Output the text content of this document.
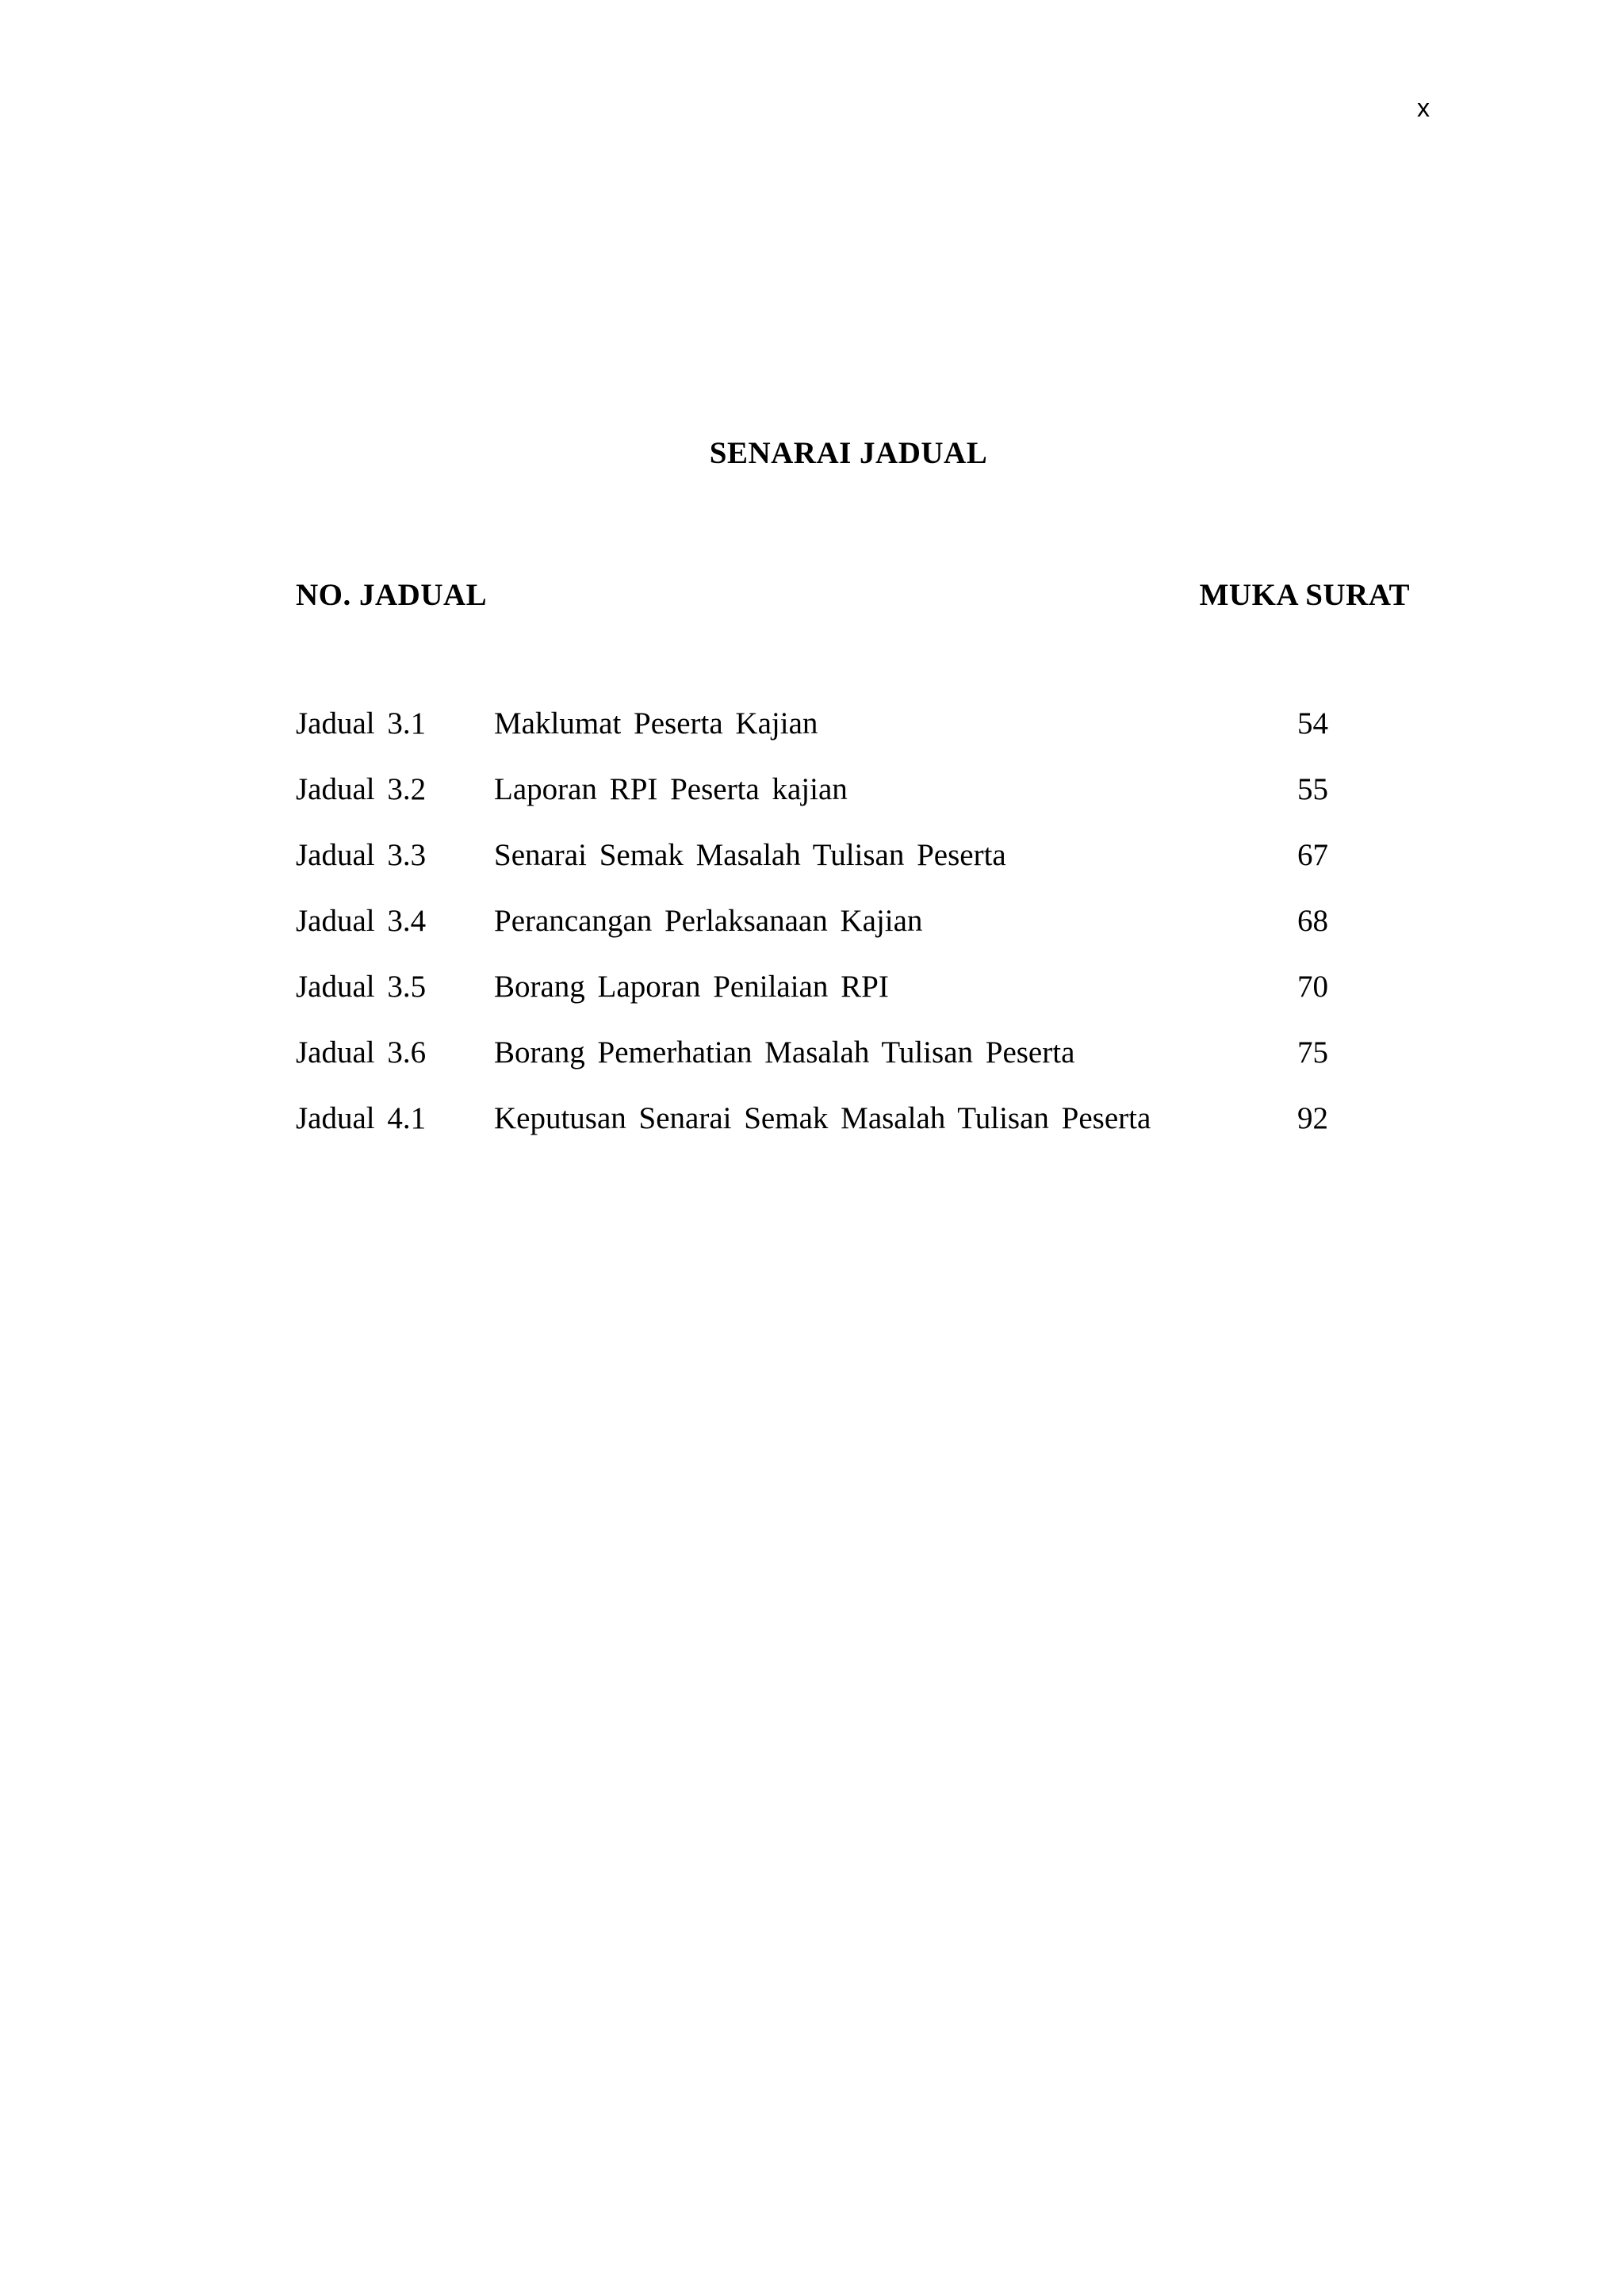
x
SENARAI JADUAL
NO. JADUAL	MUKA SURAT
Jadual 3.1 Maklumat Peserta Kajian	54
Jadual 3.2 Laporan RPI Peserta kajian	55
Jadual 3.3 Senarai Semak Masalah Tulisan Peserta	67
Jadual 3.4 Perancangan Perlaksanaan Kajian	68
Jadual 3.5 Borang Laporan Penilaian RPI	70
Jadual 3.6 Borang Pemerhatian Masalah Tulisan Peserta	75
Jadual 4.1 Keputusan Senarai Semak Masalah Tulisan Peserta	92
